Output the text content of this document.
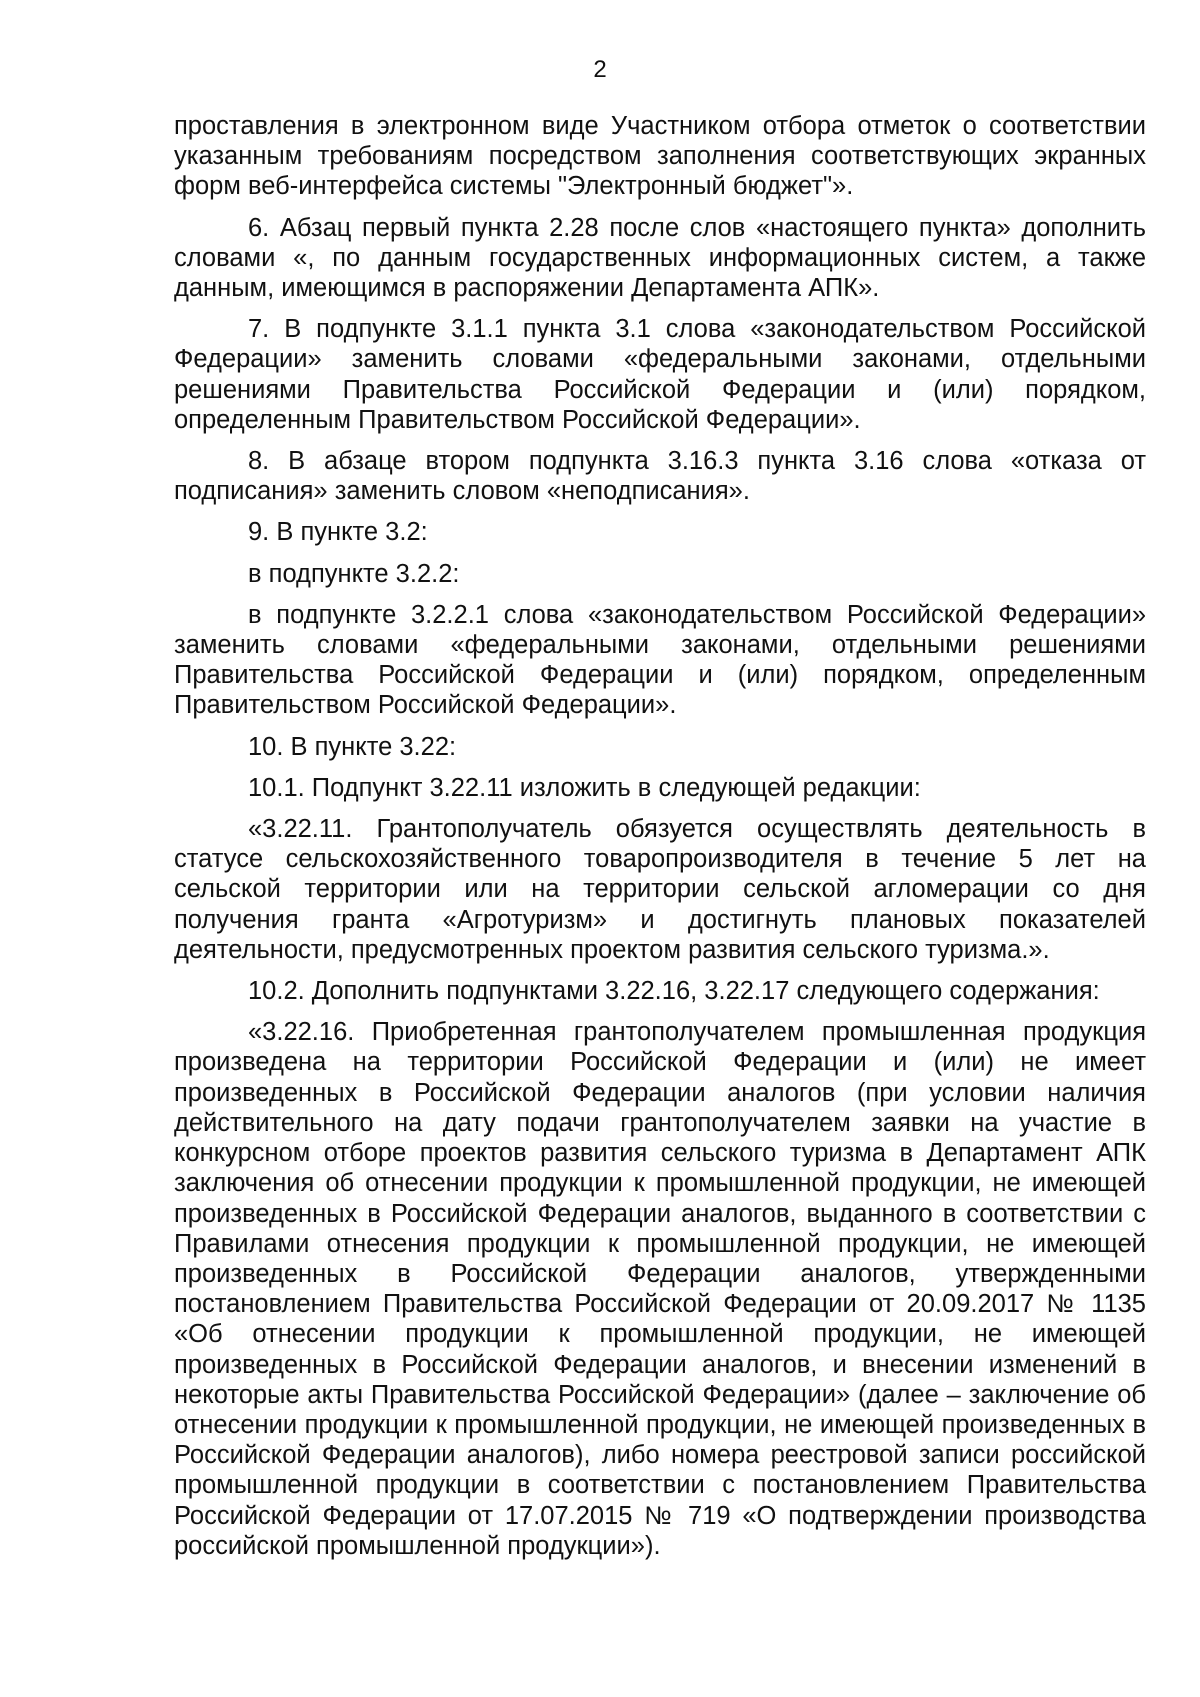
2

проставления в электронном виде Участником отбора отметок о соответствии указанным требованиям посредством заполнения соответствующих экранных форм веб-интерфейса системы "Электронный бюджет"».

6. Абзац первый пункта 2.28 после слов «настоящего пункта» дополнить словами «, по данным государственных информационных систем, а также данным, имеющимся в распоряжении Департамента АПК».

7. В подпункте 3.1.1 пункта 3.1 слова «законодательством Российской Федерации» заменить словами «федеральными законами, отдельными решениями Правительства Российской Федерации и (или) порядком, определенным Правительством Российской Федерации».

8. В абзаце втором подпункта 3.16.3 пункта 3.16 слова «отказа от подписания» заменить словом «неподписания».

9. В пункте 3.2:

в подпункте 3.2.2:

в подпункте 3.2.2.1 слова «законодательством Российской Федерации» заменить словами «федеральными законами, отдельными решениями Правительства Российской Федерации и (или) порядком, определенным Правительством Российской Федерации».

10. В пункте 3.22:

10.1. Подпункт 3.22.11 изложить в следующей редакции:

«3.22.11. Грантополучатель обязуется осуществлять деятельность в статусе сельскохозяйственного товаропроизводителя в течение 5 лет на сельской территории или на территории сельской агломерации со дня получения гранта «Агротуризм» и достигнуть плановых показателей деятельности, предусмотренных проектом развития сельского туризма.».

10.2. Дополнить подпунктами 3.22.16, 3.22.17 следующего содержания:

«3.22.16. Приобретенная грантополучателем промышленная продукция произведена на территории Российской Федерации и (или) не имеет произведенных в Российской Федерации аналогов (при условии наличия действительного на дату подачи грантополучателем заявки на участие в конкурсном отборе проектов развития сельского туризма в Департамент АПК заключения об отнесении продукции к промышленной продукции, не имеющей произведенных в Российской Федерации аналогов, выданного в соответствии с Правилами отнесения продукции к промышленной продукции, не имеющей произведенных в Российской Федерации аналогов, утвержденными постановлением Правительства Российской Федерации от 20.09.2017 № 1135 «Об отнесении продукции к промышленной продукции, не имеющей произведенных в Российской Федерации аналогов, и внесении изменений в некоторые акты Правительства Российской Федерации» (далее – заключение об отнесении продукции к промышленной продукции, не имеющей произведенных в Российской Федерации аналогов), либо номера реестровой записи российской промышленной продукции в соответствии с постановлением Правительства Российской Федерации от 17.07.2015 № 719 «О подтверждении производства российской промышленной продукции»).
